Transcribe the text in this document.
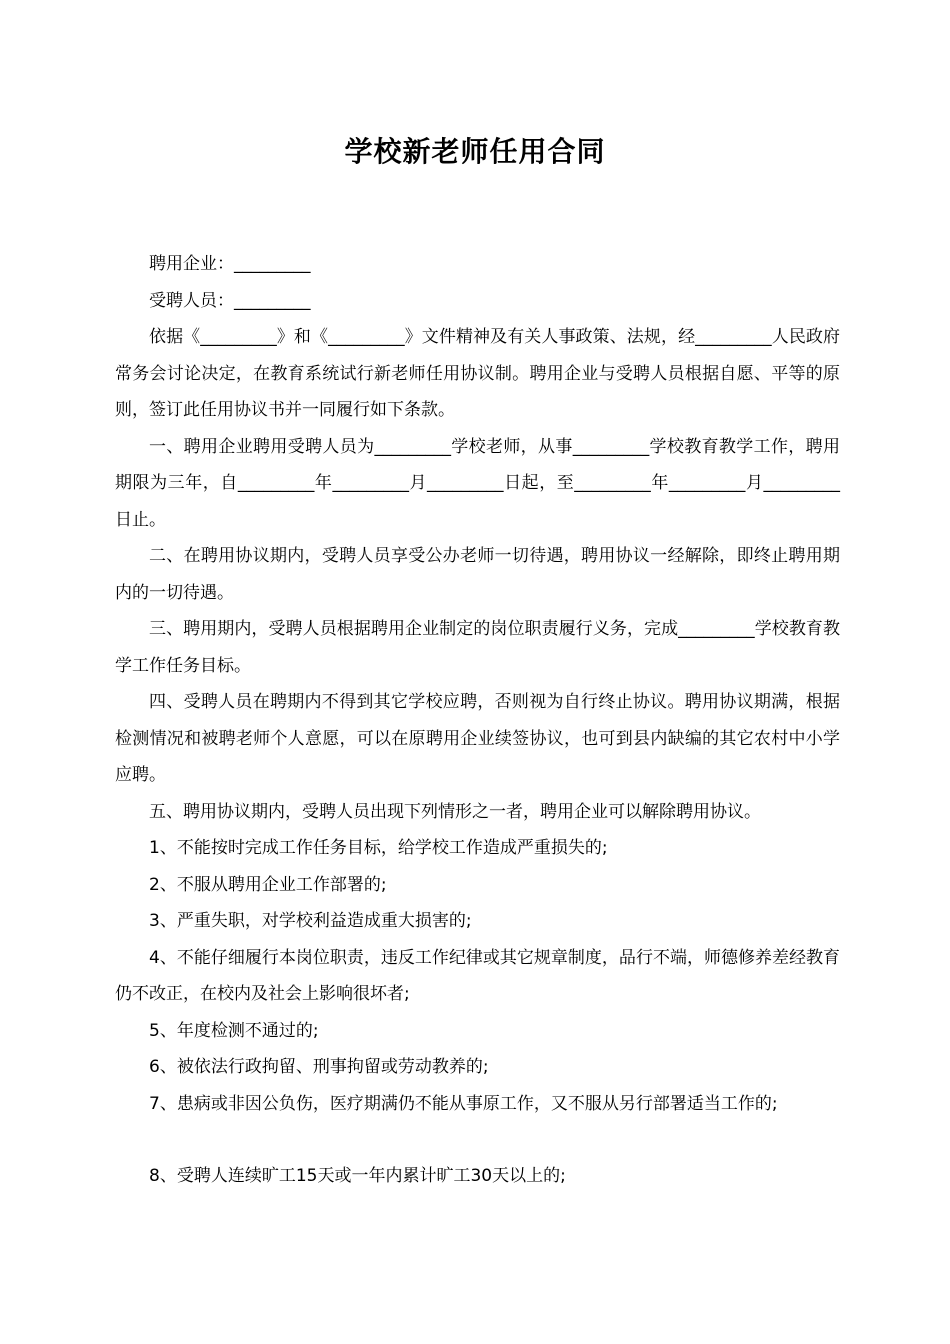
学校新老师任用合同

聘用企业：_________

受聘人员：_________

依据《_________》和《_________》文件精神及有关人事政策、法规，经_________人民政府常务会讨论决定，在教育系统试行新老师任用协议制。聘用企业与受聘人员根据自愿、平等的原则，签订此任用协议书并一同履行如下条款。

一、聘用企业聘用受聘人员为_________学校老师，从事_________学校教育教学工作，聘用期限为三年，自_________年_________月_________日起，至_________年_________月_________日止。

二、在聘用协议期内，受聘人员享受公办老师一切待遇，聘用协议一经解除，即终止聘用期内的一切待遇。

三、聘用期内，受聘人员根据聘用企业制定的岗位职责履行义务，完成_________学校教育教学工作任务目标。

四、受聘人员在聘期内不得到其它学校应聘，否则视为自行终止协议。聘用协议期满，根据检测情况和被聘老师个人意愿，可以在原聘用企业续签协议，也可到县内缺编的其它农村中小学应聘。

五、聘用协议期内，受聘人员出现下列情形之一者，聘用企业可以解除聘用协议。

1、不能按时完成工作任务目标，给学校工作造成严重损失的;

2、不服从聘用企业工作部署的;

3、严重失职，对学校利益造成重大损害的;

4、不能仔细履行本岗位职责，违反工作纪律或其它规章制度，品行不端，师德修养差经教育仍不改正，在校内及社会上影响很坏者;

5、年度检测不通过的;

6、被依法行政拘留、刑事拘留或劳动教养的;

7、患病或非因公负伤，医疗期满仍不能从事原工作，又不服从另行部署适当工作的;

8、受聘人连续旷工15天或一年内累计旷工30天以上的;
